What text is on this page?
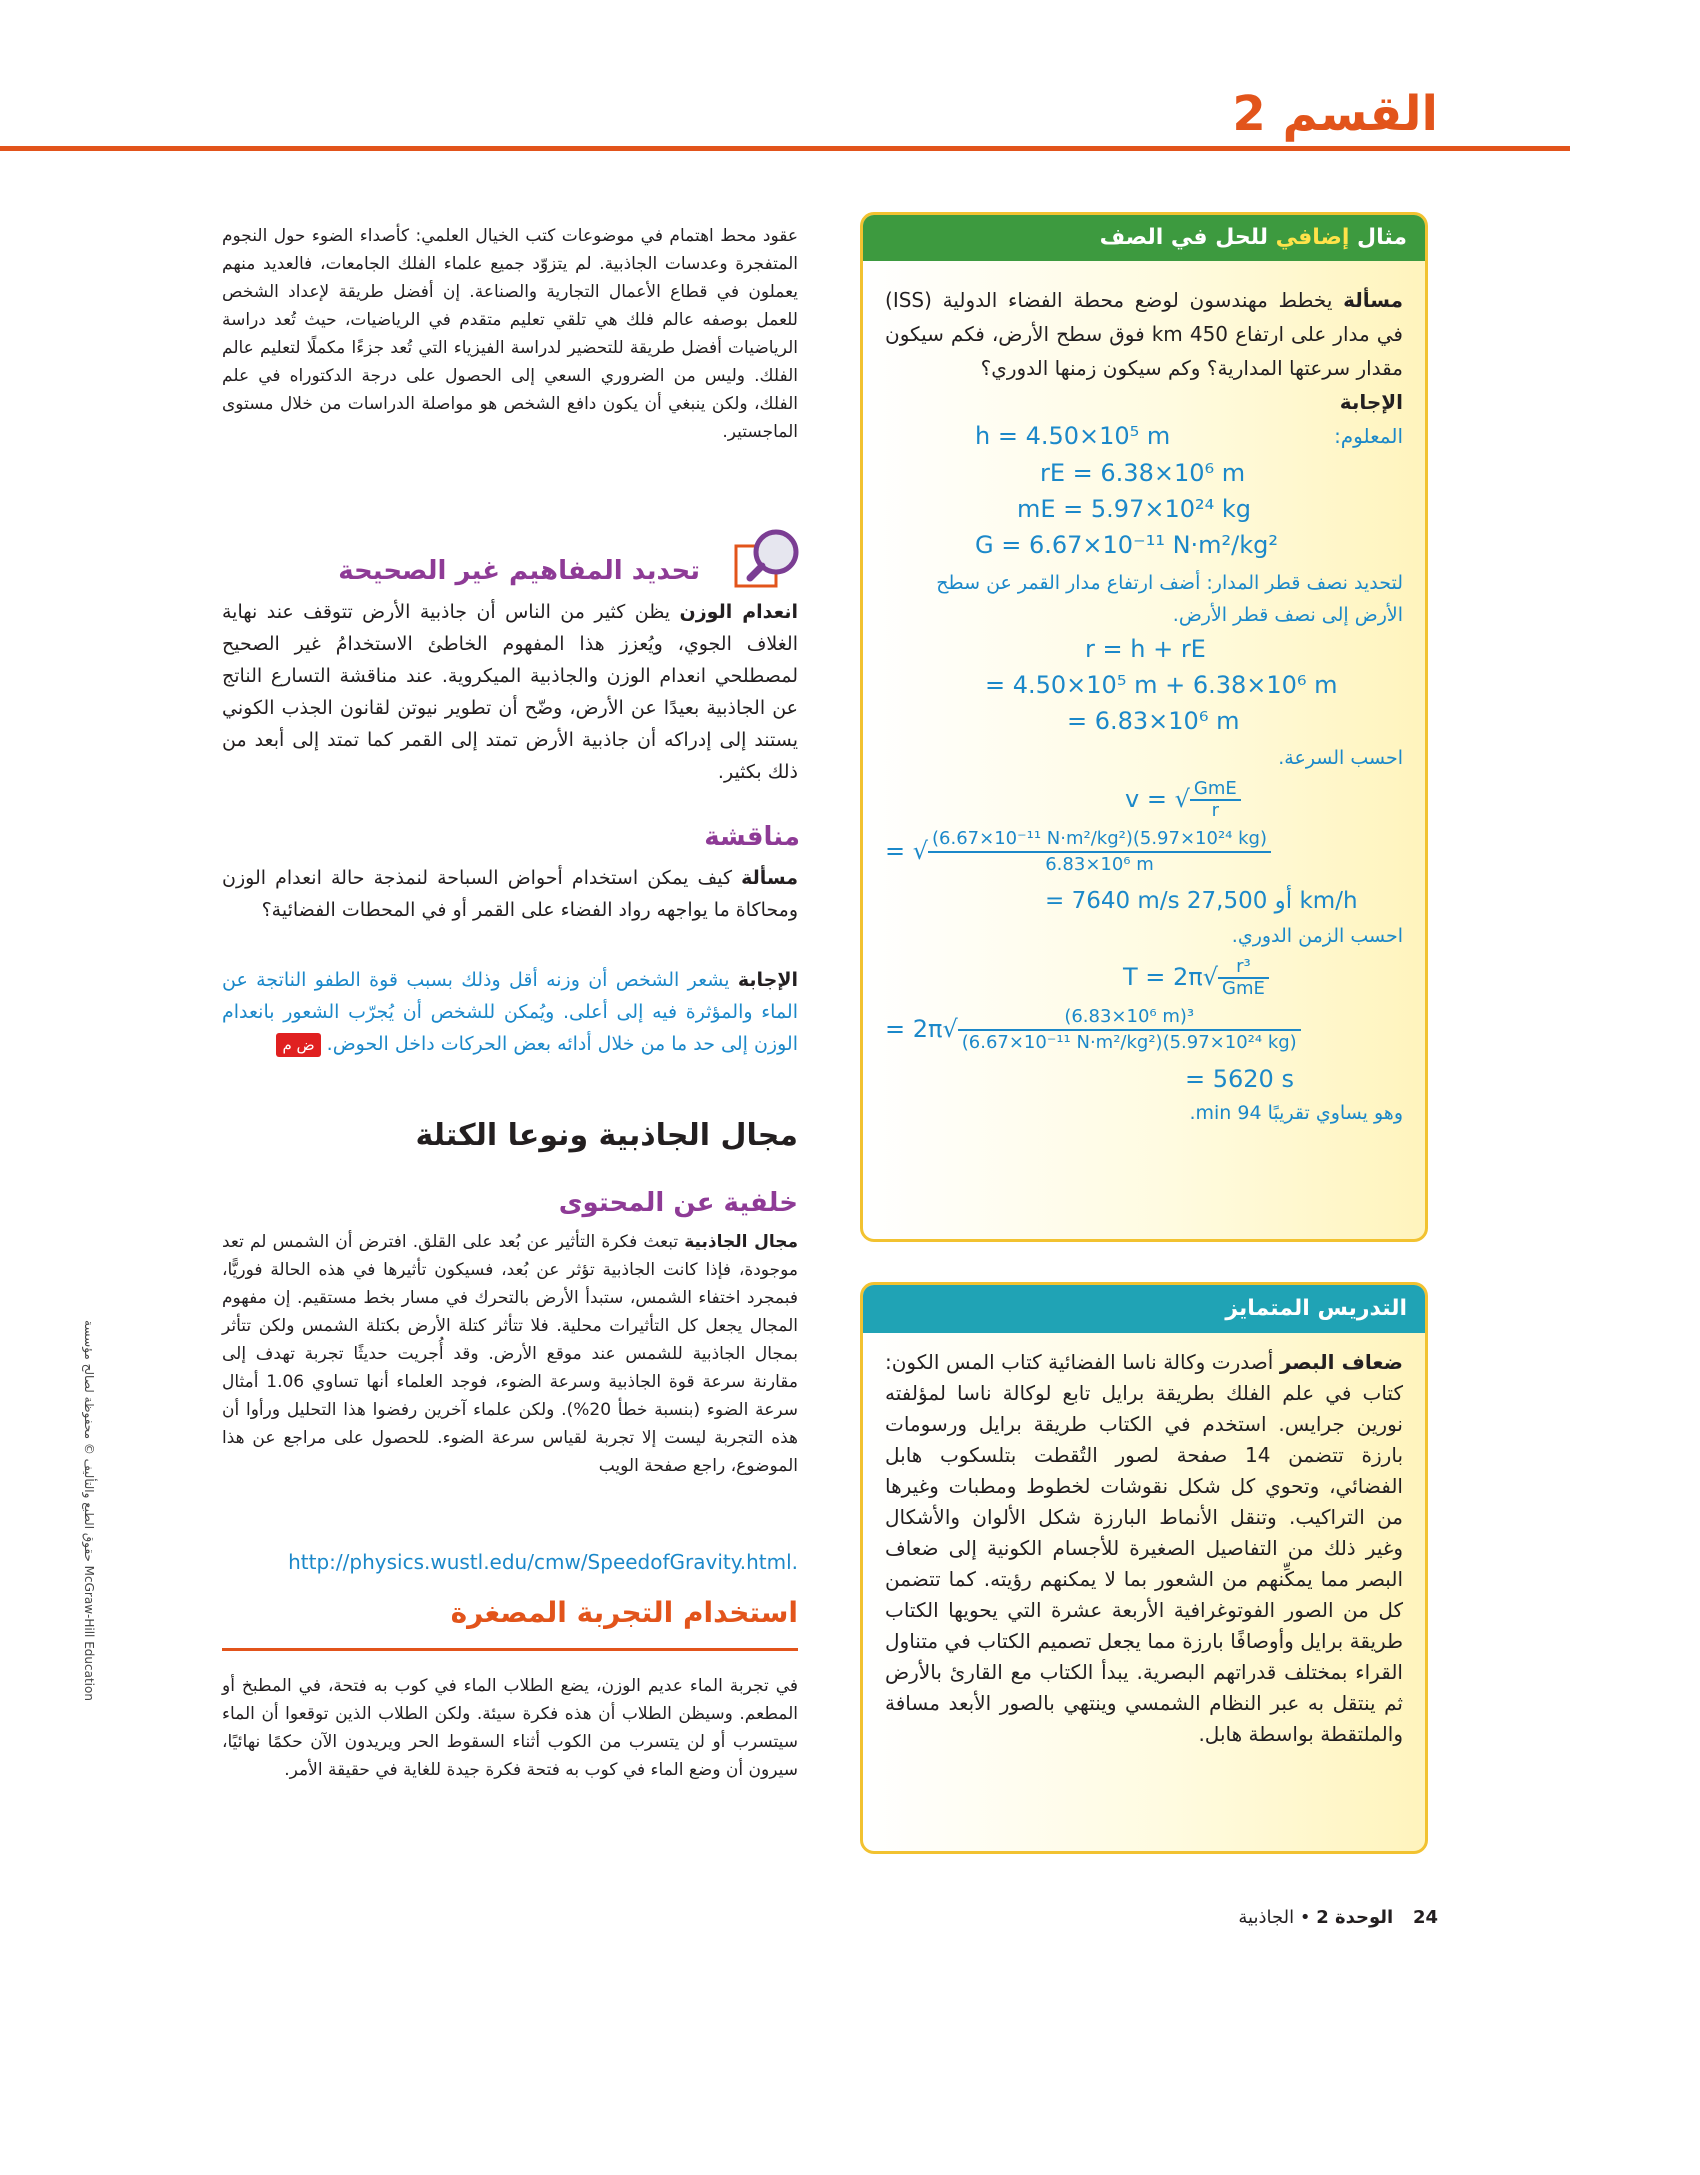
القسم 2
حقوق الطبع والتأليف © محفوظة لصالح مؤسسة McGraw-Hill Education
مثال إضافي للحل في الصف
مسألة يخطط مهندسون لوضع محطة الفضاء الدولية (ISS) في مدار على ارتفاع 450 km فوق سطح الأرض، فكم سيكون مقدار سرعتها المدارية؟ وكم سيكون زمنها الدوري؟
الإجابة
المعلوم:
h = 4.50×10⁵ m
rE = 6.38×10⁶ m
mE = 5.97×10²⁴ kg
G = 6.67×10⁻¹¹ N·m²/kg²
لتحديد نصف قطر المدار: أضف ارتفاع مدار القمر عن سطح الأرض إلى نصف قطر الأرض.
r = h + rE
= 4.50×10⁵ m + 6.38×10⁶ m
= 6.83×10⁶ m
احسب السرعة.
v = √ $\frac{\text{GmE}}{r}$
= √ $\frac{\text{(6.67×10⁻¹¹ N·m²/kg²)(5.97×10²⁴ kg)}}{\text{6.83×10⁶ m}}$
= 7640 m/s أو 27,500 km/h
احسب الزمن الدوري.
$T = 2\pi√ \frac{\text{r³}}{\text{GmE}}$
= $2\pi√ \frac{\text{(6.83×10⁶ m)³}}{\text{(6.67×10⁻¹¹ N·m²/kg²)(5.97×10²⁴ kg)}}$
= 5620 s
وهو يساوي تقريبًا 94 min.
التدريس المتمايز
ضعاف البصر أصدرت وكالة ناسا الفضائية كتاب المس الكون: كتاب في علم الفلك بطريقة برايل تابع لوكالة ناسا لمؤلفته نورين جرايس. استخدم في الكتاب طريقة برايل ورسومات بارزة تتضمن 14 صفحة لصور التُقطت بتلسكوب هابل الفضائي، وتحوي كل شكل نقوشات لخطوط ومطبات وغيرها من التراكيب. وتنقل الأنماط البارزة شكل الألوان والأشكال وغير ذلك من التفاصيل الصغيرة للأجسام الكونية إلى ضعاف البصر مما يمكِّنهم من الشعور بما لا يمكنهم رؤيته. كما تتضمن كل من الصور الفوتوغرافية الأربعة عشرة التي يحويها الكتاب طريقة برايل وأوصافًا بارزة مما يجعل تصميم الكتاب في متناول القراء بمختلف قدراتهم البصرية. يبدأ الكتاب مع القارئ بالأرض ثم ينتقل به عبر النظام الشمسي وينتهي بالصور الأبعد مسافة والملتقطة بواسطة هابل.
عقود محط اهتمام في موضوعات كتب الخيال العلمي: كأصداء الضوء حول النجوم المتفجرة وعدسات الجاذبية. لم يتزوّد جميع علماء الفلك الجامعات، فالعديد منهم يعملون في قطاع الأعمال التجارية والصناعة. إن أفضل طريقة لإعداد الشخص للعمل بوصفه عالم فلك هي تلقي تعليم متقدم في الرياضيات، حيث تُعد دراسة الرياضيات أفضل طريقة للتحضير لدراسة الفيزياء التي تُعد جزءًا مكملًا لتعليم عالم الفلك. وليس من الضروري السعي إلى الحصول على درجة الدكتوراه في علم الفلك، ولكن ينبغي أن يكون دافع الشخص هو مواصلة الدراسات من خلال مستوى الماجستير.
تحديد المفاهيم غير الصحيحة
انعدام الوزن يظن كثير من الناس أن جاذبية الأرض تتوقف عند نهاية الغلاف الجوي، ويُعزز هذا المفهوم الخاطئ الاستخدامُ غير الصحيح لمصطلحي انعدام الوزن والجاذبية الميكروية. عند مناقشة التسارع الناتج عن الجاذبية بعيدًا عن الأرض، وضّح أن تطوير نيوتن لقانون الجذب الكوني يستند إلى إدراكه أن جاذبية الأرض تمتد إلى القمر كما تمتد إلى أبعد من ذلك بكثير.
مناقشة
مسألة كيف يمكن استخدام أحواض السباحة لنمذجة حالة انعدام الوزن ومحاكاة ما يواجهه رواد الفضاء على القمر أو في المحطات الفضائية؟
الإجابة يشعر الشخص أن وزنه أقل وذلك بسبب قوة الطفو الناتجة عن الماء والمؤثرة فيه إلى أعلى. ويُمكن للشخص أن يُجرّب الشعور بانعدام الوزن إلى حد ما من خلال أدائه بعض الحركات داخل الحوض.ض م
مجال الجاذبية ونوعا الكتلة
خلفية عن المحتوى
مجال الجاذبية تبعث فكرة التأثير عن بُعد على القلق. افترض أن الشمس لم تعد موجودة، فإذا كانت الجاذبية تؤثر عن بُعد، فسيكون تأثيرها في هذه الحالة فوريًّا، فبمجرد اختفاء الشمس، ستبدأ الأرض بالتحرك في مسار بخط مستقيم. إن مفهوم المجال يجعل كل التأثيرات محلية. فلا تتأثر كتلة الأرض بكتلة الشمس ولكن تتأثر بمجال الجاذبية للشمس عند موقع الأرض. وقد أُجريت حديثًا تجربة تهدف إلى مقارنة سرعة قوة الجاذبية وسرعة الضوء، فوجد العلماء أنها تساوي 1.06 أمثال سرعة الضوء (بنسبة خطأ 20%). ولكن علماء آخرين رفضوا هذا التحليل ورأوا أن هذه التجربة ليست إلا تجربة لقياس سرعة الضوء. للحصول على مراجع عن هذا الموضوع، راجع صفحة الويب
http://physics.wustl.edu/cmw/SpeedofGravity.html.
استخدام التجربة المصغرة
في تجربة الماء عديم الوزن، يضع الطلاب الماء في كوب به فتحة، في المطبخ أو المطعم. وسيظن الطلاب أن هذه فكرة سيئة. ولكن الطلاب الذين توقعوا أن الماء سيتسرب أو لن يتسرب من الكوب أثناء السقوط الحر ويريدون الآن حكمًا نهائيًا، سيرون أن وضع الماء في كوب به فتحة فكرة جيدة للغاية في حقيقة الأمر.
24 الوحدة 2 • الجاذبية
